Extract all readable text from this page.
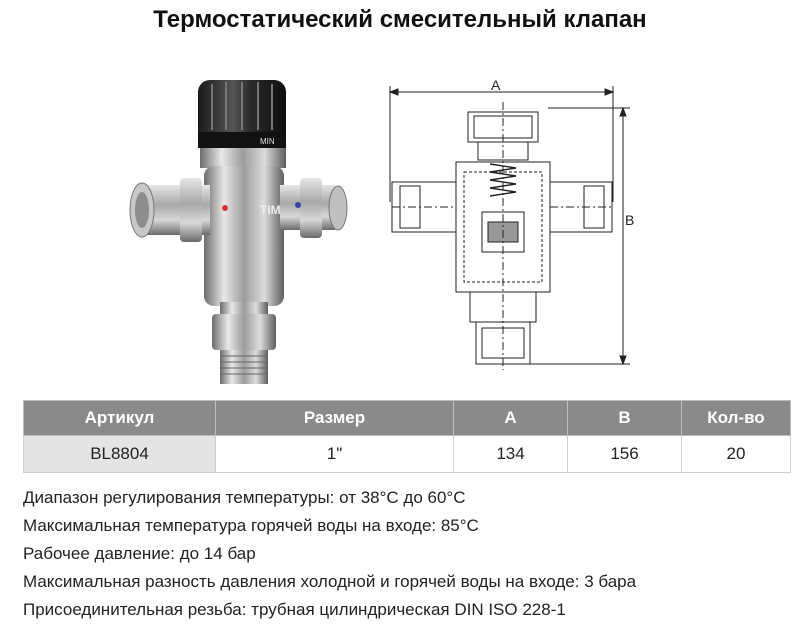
Термостатический смесительный клапан
MIN
TIM
A
B
Артикул	Размер	A	B	Кол-во
BL8804	1"	134	156	20
Диапазон регулирования температуры: от 38°C до 60°C
Максимальная температура горячей воды на входе: 85°C
Рабочее давление: до 14 бар
Максимальная разность давления холодной и горячей воды на входе: 3 бара
Присоединительная резьба: трубная цилиндрическая DIN ISO 228-1
